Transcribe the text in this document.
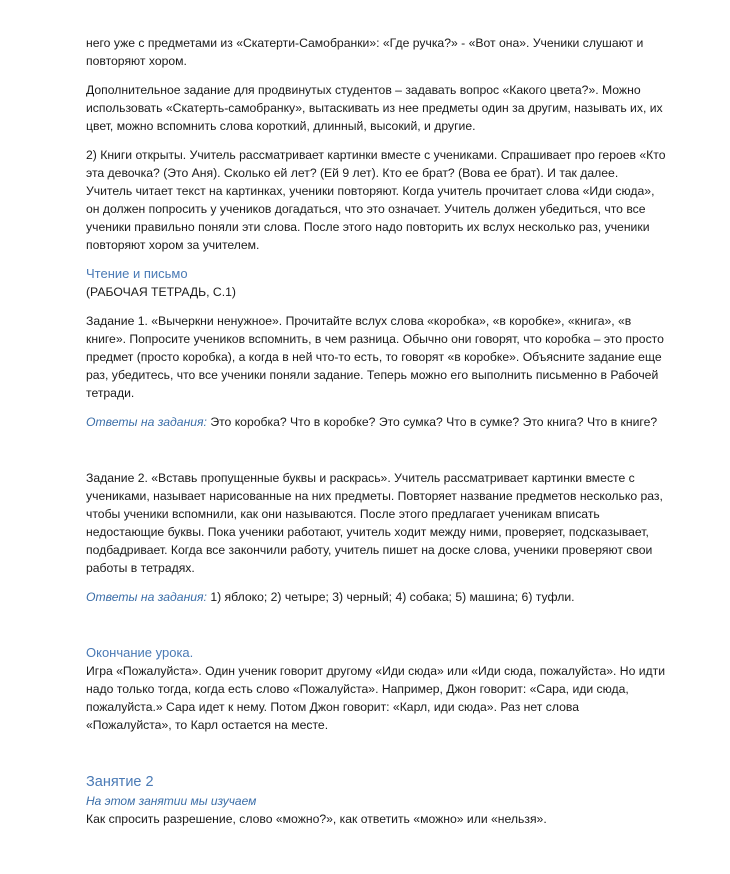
него уже с предметами из «Скатерти-Самобранки»: «Где ручка?» - «Вот она». Ученики слушают и повторяют хором.

Дополнительное задание для продвинутых студентов – задавать вопрос «Какого цвета?». Можно использовать «Скатерть-самобранку», вытаскивать из нее предметы один за другим, называть их, их цвет, можно вспомнить слова короткий, длинный, высокий, и другие.

2) Книги открыты. Учитель рассматривает картинки вместе с учениками. Спрашивает про героев «Кто эта девочка? (Это Аня). Сколько ей лет? (Ей 9 лет). Кто ее брат? (Вова ее брат). И так далее. Учитель читает текст на картинках, ученики повторяют. Когда учитель прочитает слова «Иди сюда», он должен попросить у учеников догадаться, что это означает. Учитель должен убедиться, что все ученики правильно поняли эти слова. После этого надо повторить их вслух несколько раз, ученики повторяют хором за учителем.

Чтение и письмо

(РАБОЧАЯ ТЕТРАДЬ, С.1)

Задание 1. «Вычеркни ненужное». Прочитайте вслух слова «коробка», «в коробке», «книга», «в книге». Попросите учеников вспомнить, в чем разница. Обычно они говорят, что коробка – это просто предмет (просто коробка), а когда в ней что-то есть, то говорят «в коробке». Объясните задание еще раз, убедитесь, что все ученики поняли задание. Теперь можно его выполнить письменно в Рабочей тетради.

Ответы на задания: Это коробка? Что в коробке? Это сумка? Что в сумке? Это книга? Что в книге?

Задание 2. «Вставь пропущенные буквы и раскрась». Учитель рассматривает картинки вместе с учениками, называет нарисованные на них предметы. Повторяет название предметов несколько раз, чтобы ученики вспомнили, как они называются. После этого предлагает ученикам вписать недостающие буквы. Пока ученики работают, учитель ходит между ними, проверяет, подсказывает, подбадривает. Когда все закончили работу, учитель пишет на доске слова, ученики проверяют свои работы в тетрадях.

Ответы на задания: 1) яблоко; 2) четыре; 3) черный; 4) собака; 5) машина; 6) туфли.

Окончание урока.

Игра «Пожалуйста». Один ученик говорит другому «Иди сюда» или «Иди сюда, пожалуйста». Но идти надо только тогда, когда есть слово «Пожалуйста». Например, Джон говорит: «Сара, иди сюда, пожалуйста.» Сара идет к нему. Потом Джон говорит: «Карл, иди сюда». Раз нет слова «Пожалуйста», то Карл остается на месте.

Занятие 2

На этом занятии мы изучаем

Как спросить разрешение, слово «можно?», как ответить «можно» или «нельзя».
